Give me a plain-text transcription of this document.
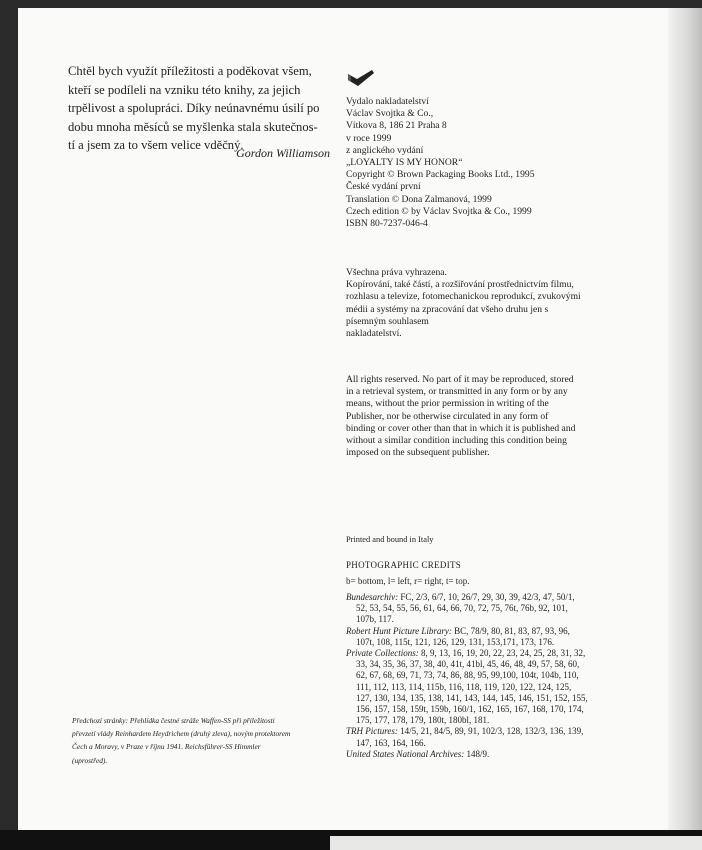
Chtěl bych využít příležitosti a poděkovat všem,
kteří se podíleli na vzniku této knihy, za jejich
trpělivost a spolupráci. Díky neúnavnému úsilí po
dobu mnoha měsíců se myšlenka stala skutečnos-
tí a jsem za to všem velice vděčný.

Gordon Williamson
Vydalo nakladatelství
Václav Svojtka & Co.,
Vítkova 8, 186 21 Praha 8
v roce 1999
z anglického vydání
„LOYALTY IS MY HONOR“
Copyright © Brown Packaging Books Ltd., 1995
České vydání první
Translation © Dona Zalmanová, 1999
Czech edition © by Václav Svojtka & Co., 1999
ISBN 80-7237-046-4
Všechna práva vyhrazena.
Kopírování, také částí, a rozšiřování prostřednictvím filmu,
rozhlasu a televize, fotomechanickou reprodukcí, zvukovými
médii a systémy na zpracování dat všeho druhu jen s
písemným souhlasem
nakladatelství.
All rights reserved. No part of it may be reproduced, stored
in a retrieval system, or transmitted in any form or by any
means, without the prior permission in writing of the
Publisher, nor be otherwise circulated in any form of
binding or cover other than that in which it is published and
without a similar condition including this condition being
imposed on the subsequent publisher.
Printed and bound in Italy
PHOTOGRAPHIC CREDITS
b= bottom, l= left, r= right, t= top.
Bundesarchiv: FC, 2/3, 6/7, 10, 26/7, 29, 30, 39, 42/3, 47, 50/1,
52, 53, 54, 55, 56, 61, 64, 66, 70, 72, 75, 76t, 76b, 92, 101,
107b, 117.
Robert Hunt Picture Library: BC, 78/9, 80, 81, 83, 87, 93, 96,
107t, 108, 115t, 121, 126, 129, 131, 153,171, 173, 176.
Private Collections: 8, 9, 13, 16, 19, 20, 22, 23, 24, 25, 28, 31, 32,
33, 34, 35, 36, 37, 38, 40, 41t, 41bl, 45, 46, 48, 49, 57, 58, 60,
62, 67, 68, 69, 71, 73, 74, 86, 88, 95, 99,100, 104t, 104b, 110,
111, 112, 113, 114, 115b, 116, 118, 119, 120, 122, 124, 125,
127, 130, 134, 135, 138, 141, 143, 144, 145, 146, 151, 152, 155,
156, 157, 158, 159t, 159b, 160/1, 162, 165, 167, 168, 170, 174,
175, 177, 178, 179, 180t, 180bl, 181.
TRH Pictures: 14/5, 21, 84/5, 89, 91, 102/3, 128, 132/3, 136, 139,
147, 163, 164, 166.
United States National Archives: 148/9.
Předchozí stránky: Přehlídka čestné stráže Waffen-SS při příležitosti
převzetí vlády Reinhardem Heydrichem (druhý zleva), novým protektorem
Čech a Moravy, v Praze v říjnu 1941. Reichsführer-SS Himmler
(uprostřed).
